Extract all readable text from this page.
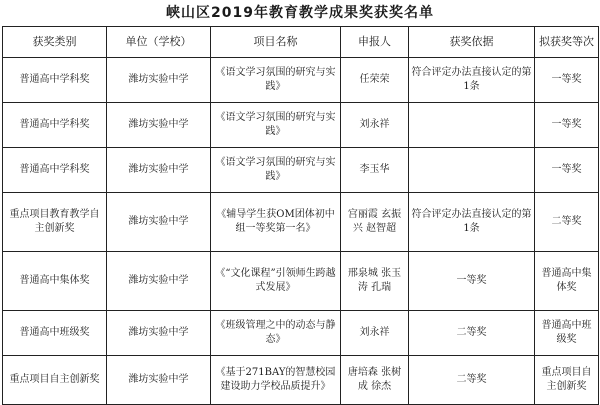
峡山区2019年教育教学成果奖获奖名单
获奖类别	单位（学校）	项目名称	申报人	获奖依据	拟获奖等次
普通高中学科奖	潍坊实验中学	《语文学习氛围的研究与实践》	任荣荣	符合评定办法直接认定的第1条	一等奖
普通高中学科奖	潍坊实验中学	《语文学习氛围的研究与实践》	刘永祥		一等奖
普通高中学科奖	潍坊实验中学	《语文学习氛围的研究与实践》	李玉华		一等奖
重点项目教育教学自主创新奖	潍坊实验中学	《辅导学生获OM团体初中组一等奖第一名》	宫丽霞 玄振兴 赵智超	符合评定办法直接认定的第1条	二等奖
普通高中集体奖	潍坊实验中学	《“文化课程”引领师生跨越式发展》	邢泉城 张玉涛 孔瑞	一等奖	普通高中集体奖
普通高中班级奖	潍坊实验中学	《班级管理之中的动态与静态》	刘永祥	二等奖	普通高中班级奖
重点项目自主创新奖	潍坊实验中学	《基于271BAY的智慧校园建设助力学校品质提升》	唐培森 张树成 徐杰	二等奖	重点项目自主创新奖
